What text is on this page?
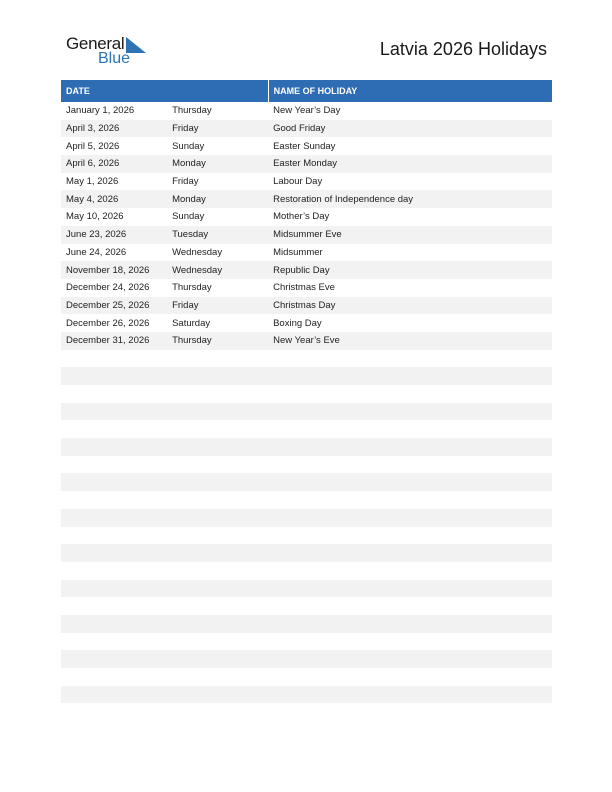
General
Blue	Latvia 2026 Holidays
DATE		NAME OF HOLIDAY
January 1, 2026	Thursday	New Year’s Day
April 3, 2026	Friday	Good Friday
April 5, 2026	Sunday	Easter Sunday
April 6, 2026	Monday	Easter Monday
May 1, 2026	Friday	Labour Day
May 4, 2026	Monday	Restoration of Independence day
May 10, 2026	Sunday	Mother’s Day
June 23, 2026	Tuesday	Midsummer Eve
June 24, 2026	Wednesday	Midsummer
November 18, 2026	Wednesday	Republic Day
December 24, 2026	Thursday	Christmas Eve
December 25, 2026	Friday	Christmas Day
December 26, 2026	Saturday	Boxing Day
December 31, 2026	Thursday	New Year’s Eve
